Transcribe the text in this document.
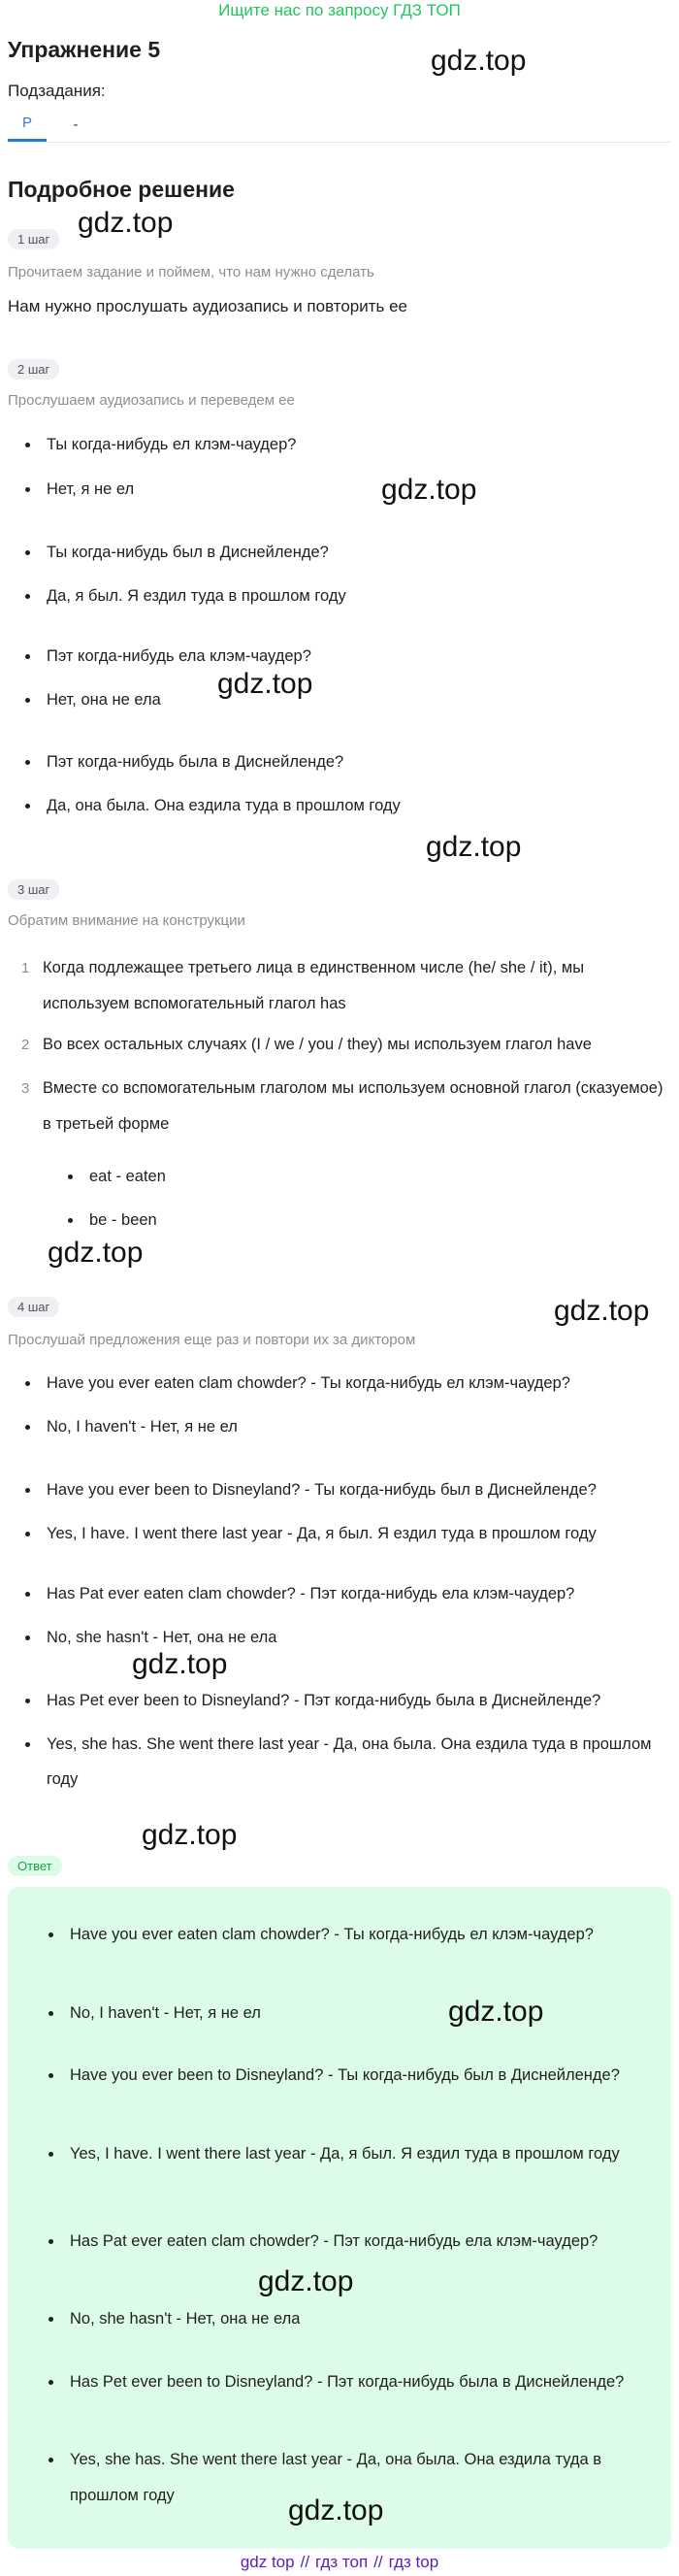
Ищите нас по запросу ГДЗ ТОП
Упражнение 5
Подзадания:
P	-
Подробное решение
1 шаг
Прочитаем задание и поймем, что нам нужно сделать
Нам нужно прослушать аудиозапись и повторить ее
2 шаг
Прослушаем аудиозапись и переведем ее
Ты когда-нибудь ел клэм-чаудер?
Нет, я не ел
Ты когда-нибудь был в Диснейленде?
Да, я был. Я ездил туда в прошлом году
Пэт когда-нибудь ела клэм-чаудер?
Нет, она не ела
Пэт когда-нибудь была в Диснейленде?
Да, она была. Она ездила туда в прошлом году
3 шаг
Обратим внимание на конструкции
1 Когда подлежащее третьего лица в единственном числе (he/ she / it), мы используем вспомогательный глагол has
2 Во всех остальных случаях (I / we / you / they) мы используем глагол have
3 Вместе со вспомогательным глаголом мы используем основной глагол (сказуемое) в третьей форме
eat - eaten
be - been
4 шаг
Прослушай предложения еще раз и повтори их за диктором
Have you ever eaten clam chowder? - Ты когда-нибудь ел клэм-чаудер?
No, I haven't - Нет, я не ел
Have you ever been to Disneyland? - Ты когда-нибудь был в Диснейленде?
Yes, I have. I went there last year - Да, я был. Я ездил туда в прошлом году
Has Pat ever eaten clam chowder? - Пэт когда-нибудь ела клэм-чаудер?
No, she hasn't - Нет, она не ела
Has Pet ever been to Disneyland? - Пэт когда-нибудь была в Диснейленде?
Yes, she has. She went there last year - Да, она была. Она ездила туда в прошлом году
Ответ
Have you ever eaten clam chowder? - Ты когда-нибудь ел клэм-чаудер?
No, I haven't - Нет, я не ел
Have you ever been to Disneyland? - Ты когда-нибудь был в Диснейленде?
Yes, I have. I went there last year - Да, я был. Я ездил туда в прошлом году
Has Pat ever eaten clam chowder? - Пэт когда-нибудь ела клэм-чаудер?
No, she hasn't - Нет, она не ела
Has Pet ever been to Disneyland? - Пэт когда-нибудь была в Диснейленде?
Yes, she has. She went there last year - Да, она была. Она ездила туда в прошлом году
gdz.top
gdz.top
gdz.top
gdz.top
gdz.top
gdz.top
gdz.top
gdz.top
gdz.top
gdz.top
gdz.top
gdz.top
gdz top // гдз топ // гдз top
